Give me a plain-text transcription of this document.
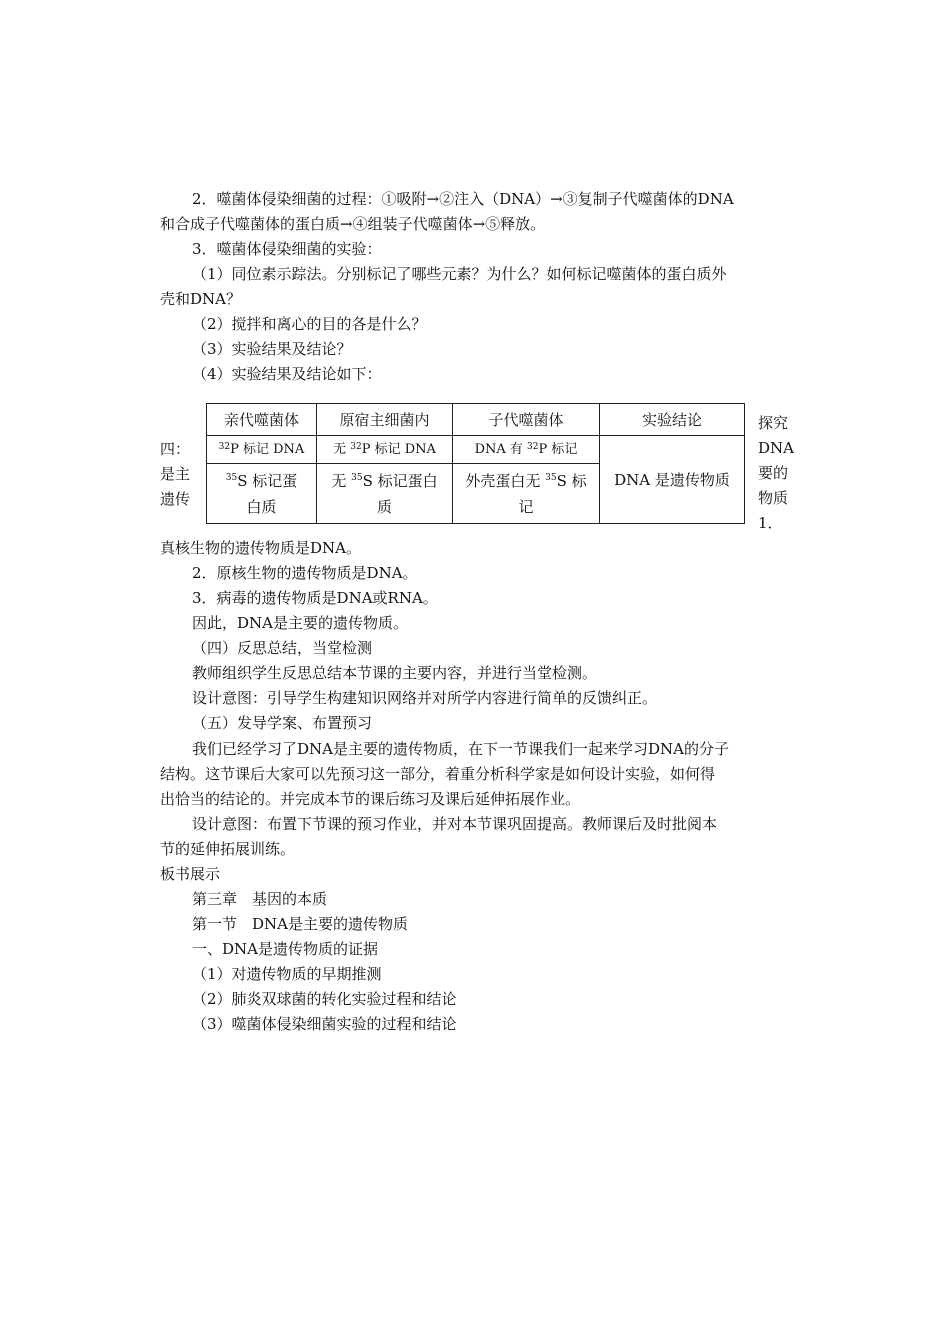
2．噬菌体侵染细菌的过程：①吸附→②注入（DNA）→③复制子代噬菌体的DNA
和合成子代噬菌体的蛋白质→④组装子代噬菌体→⑤释放。
3．噬菌体侵染细菌的实验：
（1）同位素示踪法。分别标记了哪些元素？为什么？如何标记噬菌体的蛋白质外
壳和DNA？
（2）搅拌和离心的目的各是什么？
（3）实验结果及结论？
（4）实验结果及结论如下：
四：
是主
遗传
探究
DNA
要的
物质
1．
亲代噬菌体	原宿主细菌内	子代噬菌体	实验结论
$^{32}$P 标记 DNA	无 $^{32}$P 标记 DNA	DNA 有 $^{32}$P 标记	DNA 是遗传物质
$^{35}$S 标记蛋白质	无 $^{35}$S 标记蛋白质	外壳蛋白无 $^{35}$S 标记	
真核生物的遗传物质是DNA。
2．原核生物的遗传物质是DNA。
3．病毒的遗传物质是DNA或RNA。
因此，DNA是主要的遗传物质。
（四）反思总结，当堂检测
教师组织学生反思总结本节课的主要内容，并进行当堂检测。
设计意图：引导学生构建知识网络并对所学内容进行简单的反馈纠正。
（五）发导学案、布置预习
我们已经学习了DNA是主要的遗传物质，在下一节课我们一起来学习DNA的分子
结构。这节课后大家可以先预习这一部分，着重分析科学家是如何设计实验，如何得
出恰当的结论的。并完成本节的课后练习及课后延伸拓展作业。
设计意图：布置下节课的预习作业，并对本节课巩固提高。教师课后及时批阅本
节的延伸拓展训练。
板书展示
第三章　基因的本质
第一节　DNA是主要的遗传物质
一、DNA是遗传物质的证据
（1）对遗传物质的早期推测
（2）肺炎双球菌的转化实验过程和结论
（3）噬菌体侵染细菌实验的过程和结论
